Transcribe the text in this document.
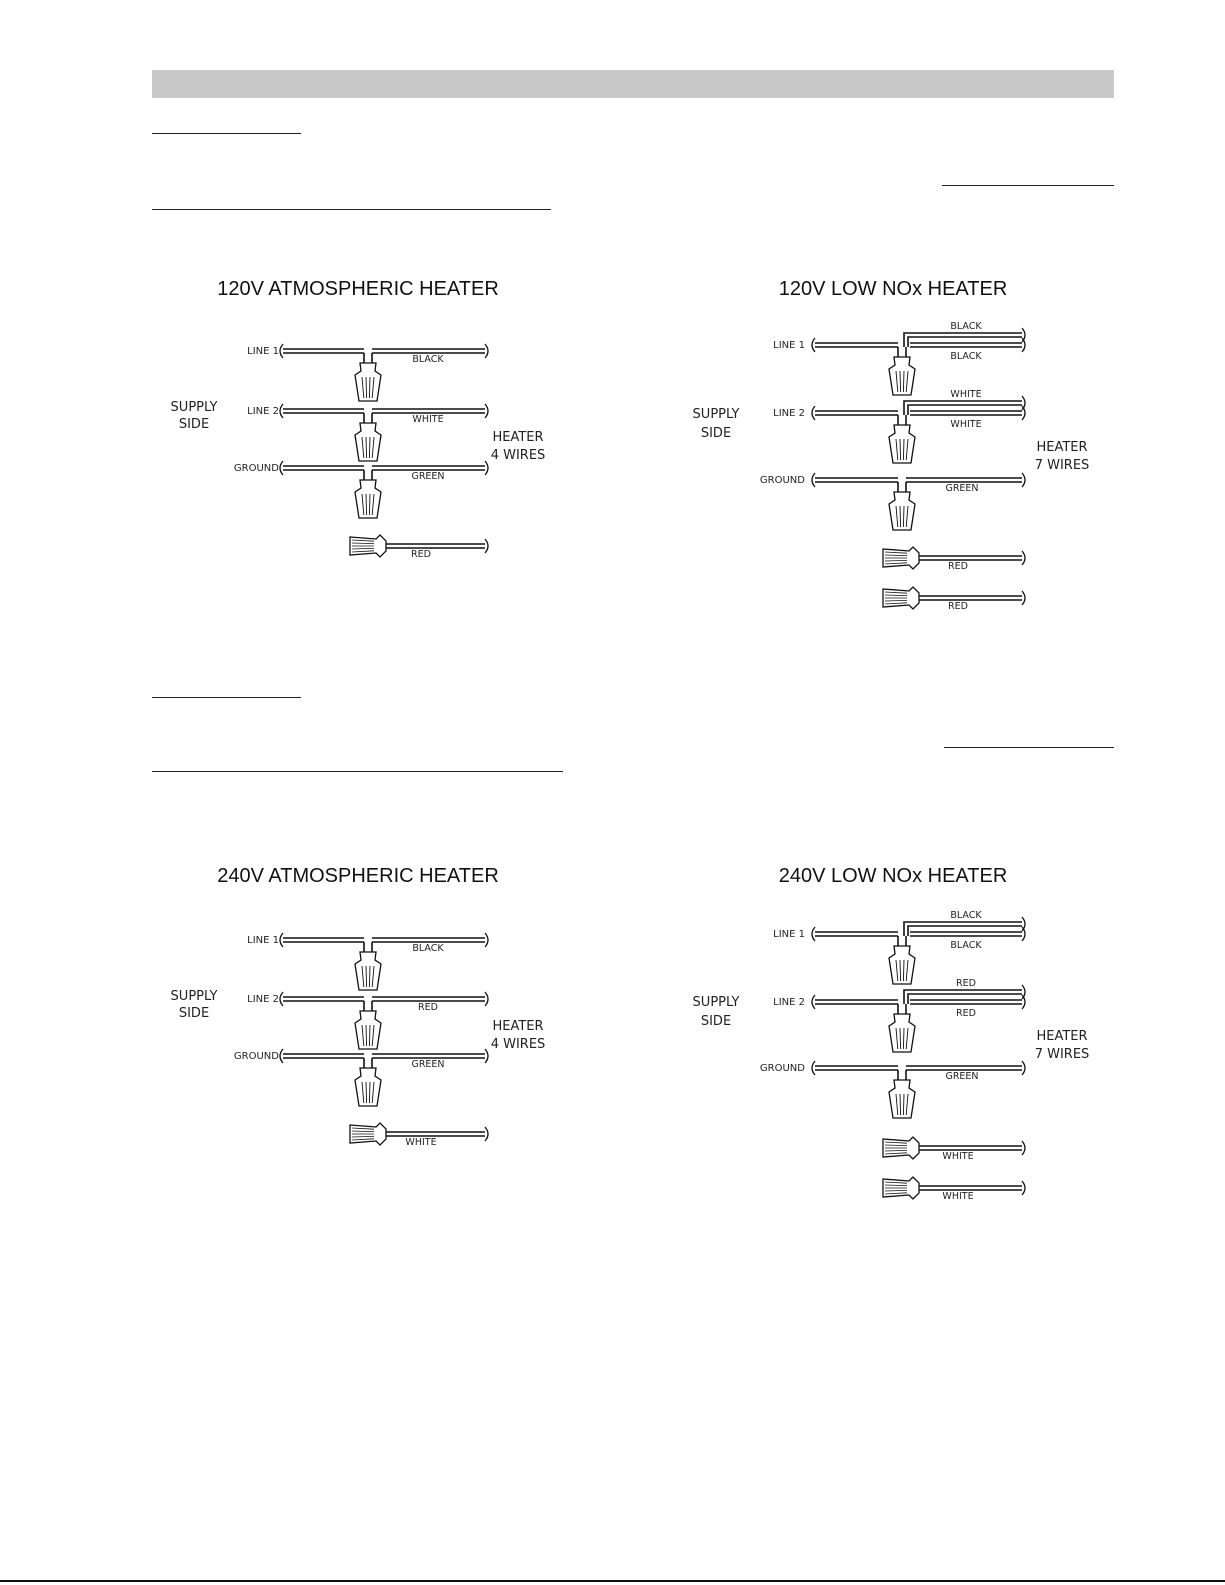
120V ATMOSPHERIC HEATER	120V LOW NOx HEATER
240V ATMOSPHERIC HEATER	240V LOW NOx HEATER
SUPPLY
SIDE
HEATER
4 WIRES
LINE 1
BLACK
LINE 2
WHITE
GROUND
GREEN
RED
SUPPLY
SIDE
HEATER
7 WIRES
LINE 1
BLACK
BLACK
LINE 2
WHITE
WHITE
GROUND
GREEN
RED
RED
SUPPLY
SIDE
HEATER
4 WIRES
LINE 1
BLACK
LINE 2
RED
GROUND
GREEN
WHITE
SUPPLY
SIDE
HEATER
7 WIRES
LINE 1
BLACK
BLACK
LINE 2
RED
RED
GROUND
GREEN
WHITE
WHITE
